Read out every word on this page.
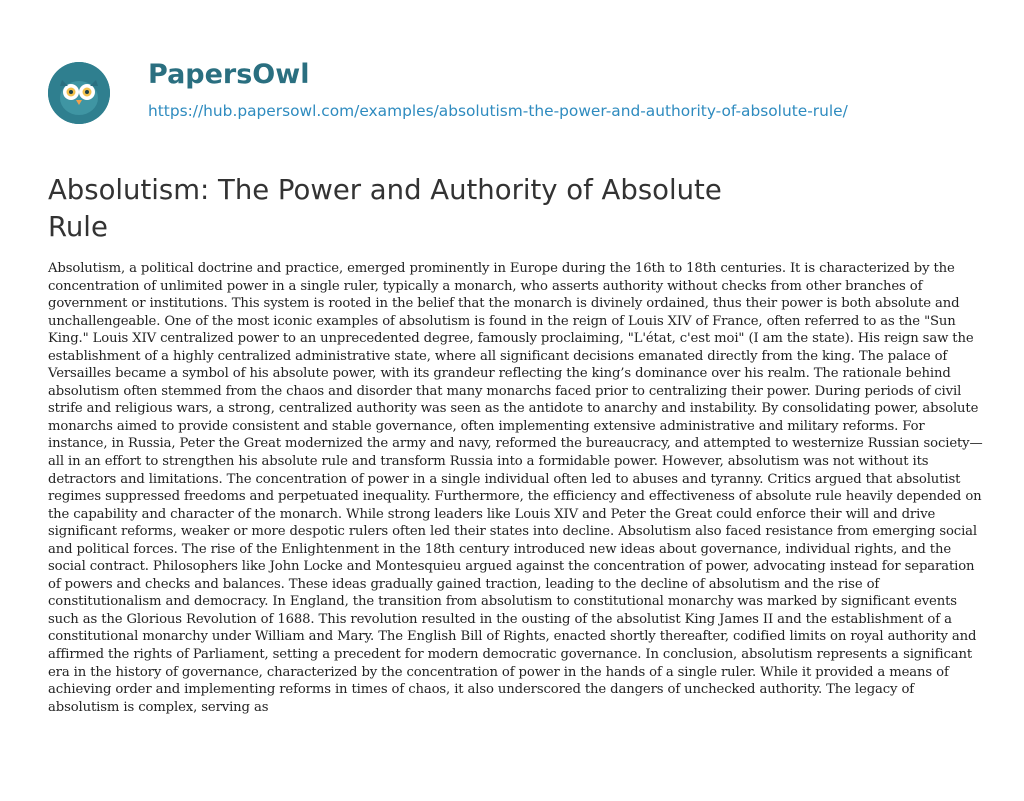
PapersOwl
https://hub.papersowl.com/examples/absolutism-the-power-and-authority-of-absolute-rule/
Absolutism: The Power and Authority of Absolute Rule

Absolutism, a political doctrine and practice, emerged prominently in Europe during the 16th to 18th centuries. It is characterized by the concentration of unlimited power in a single ruler, typically a monarch, who asserts authority without checks from other branches of government or institutions. This system is rooted in the belief that the monarch is divinely ordained, thus their power is both absolute and unchallengeable. One of the most iconic examples of absolutism is found in the reign of Louis XIV of France, often referred to as the "Sun King." Louis XIV centralized power to an unprecedented degree, famously proclaiming, "L'état, c'est moi" (I am the state). His reign saw the establishment of a highly centralized administrative state, where all significant decisions emanated directly from the king. The palace of Versailles became a symbol of his absolute power, with its grandeur reflecting the king’s dominance over his realm. The rationale behind absolutism often stemmed from the chaos and disorder that many monarchs faced prior to centralizing their power. During periods of civil strife and religious wars, a strong, centralized authority was seen as the antidote to anarchy and instability. By consolidating power, absolute monarchs aimed to provide consistent and stable governance, often implementing extensive administrative and military reforms. For instance, in Russia, Peter the Great modernized the army and navy, reformed the bureaucracy, and attempted to westernize Russian society—all in an effort to strengthen his absolute rule and transform Russia into a formidable power. However, absolutism was not without its detractors and limitations. The concentration of power in a single individual often led to abuses and tyranny. Critics argued that absolutist regimes suppressed freedoms and perpetuated inequality. Furthermore, the efficiency and effectiveness of absolute rule heavily depended on the capability and character of the monarch. While strong leaders like Louis XIV and Peter the Great could enforce their will and drive significant reforms, weaker or more despotic rulers often led their states into decline. Absolutism also faced resistance from emerging social and political forces. The rise of the Enlightenment in the 18th century introduced new ideas about governance, individual rights, and the social contract. Philosophers like John Locke and Montesquieu argued against the concentration of power, advocating instead for separation of powers and checks and balances. These ideas gradually gained traction, leading to the decline of absolutism and the rise of constitutionalism and democracy. In England, the transition from absolutism to constitutional monarchy was marked by significant events such as the Glorious Revolution of 1688. This revolution resulted in the ousting of the absolutist King James II and the establishment of a constitutional monarchy under William and Mary. The English Bill of Rights, enacted shortly thereafter, codified limits on royal authority and affirmed the rights of Parliament, setting a precedent for modern democratic governance. In conclusion, absolutism represents a significant era in the history of governance, characterized by the concentration of power in the hands of a single ruler. While it provided a means of achieving order and implementing reforms in times of chaos, it also underscored the dangers of unchecked authority. The legacy of absolutism is complex, serving as
